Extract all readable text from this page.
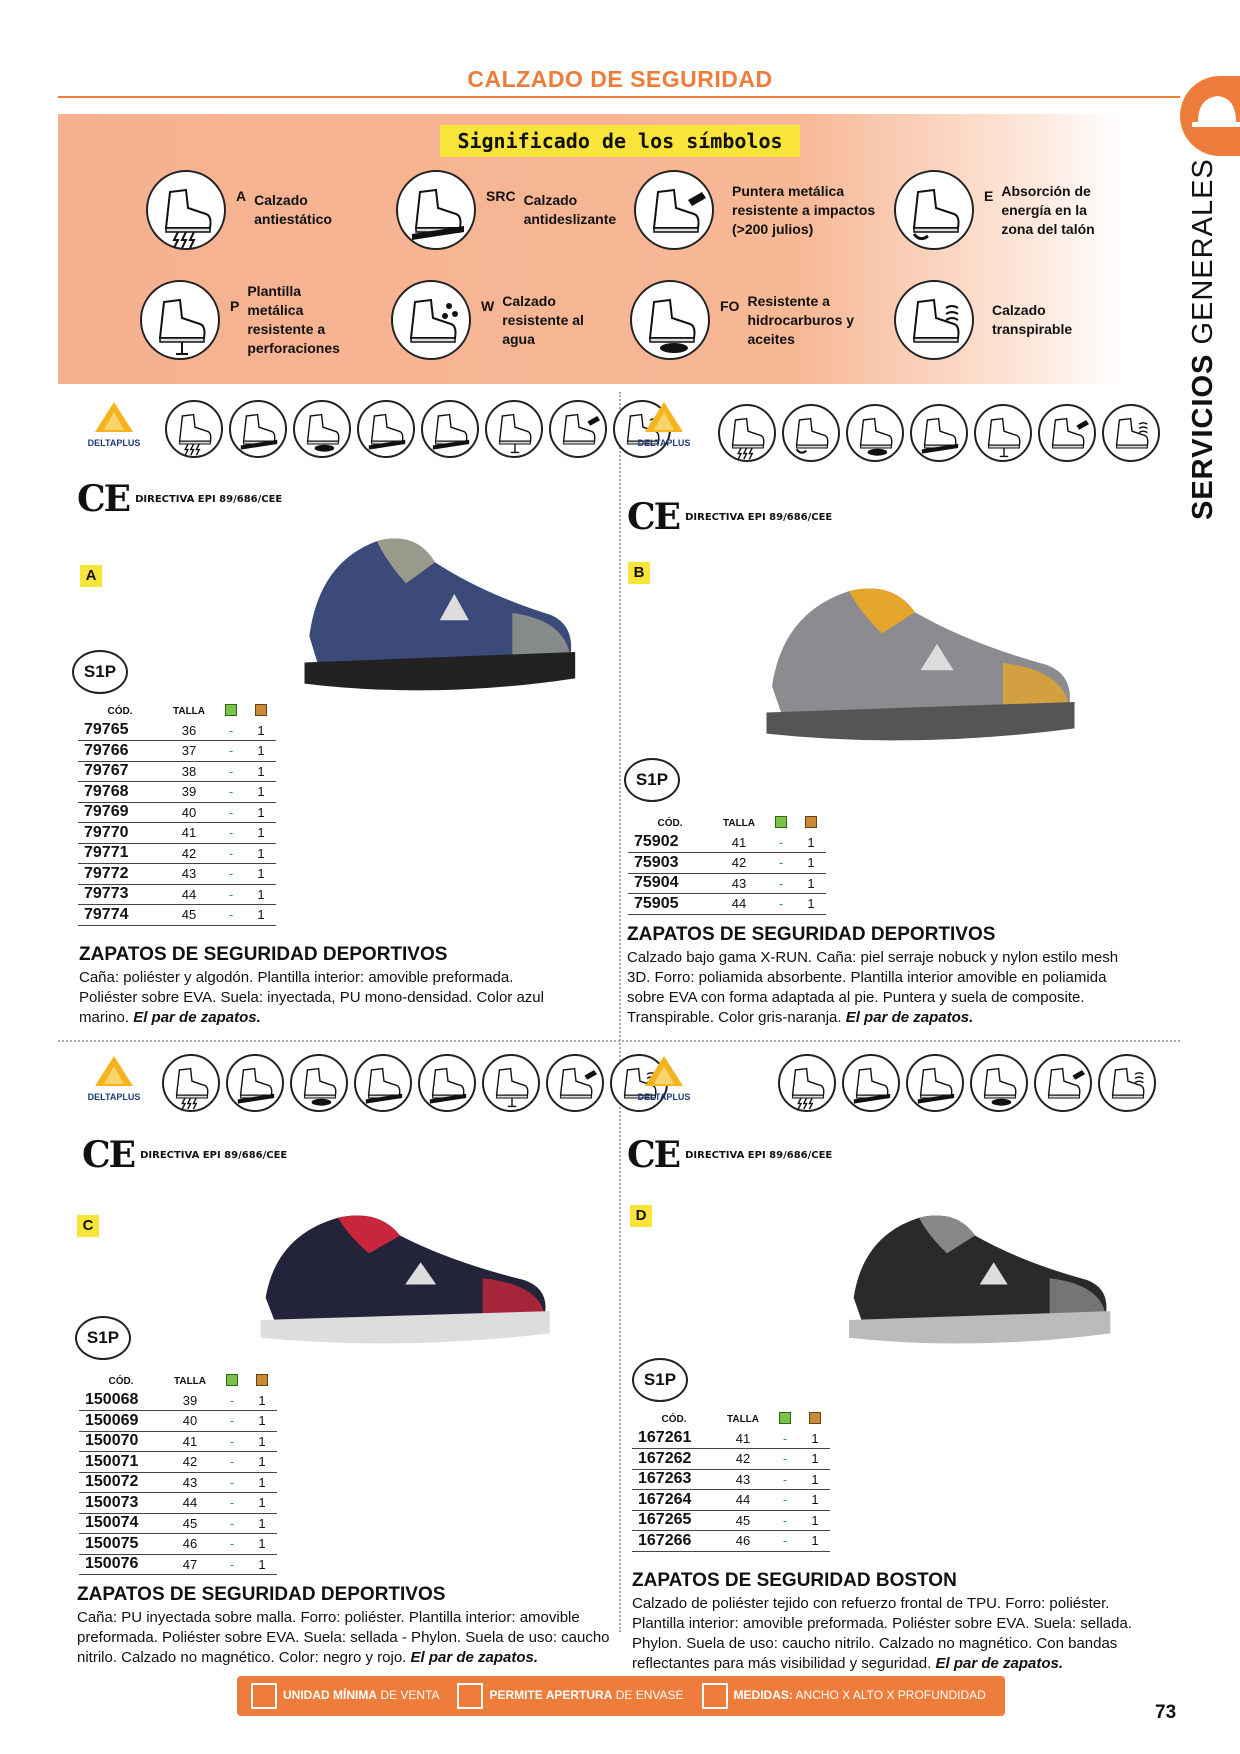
CALZADO DE SEGURIDAD
SERVICIOS GENERALES
Significado de los símbolos
A Calzado
antiestático
SRC Calzado
antideslizante
Puntera metálica
resistente a impactos
(>200 julios)
E Absorción de
energía en la
zona del talón
P
Plantilla
metálica
resistente a
perforaciones
W Calzado
resistente al
agua
FO Resistente a
hidrocarburos y
aceites
Calzado
transpirable
DELTAPLUS
CE DIRECTIVA EPI 89/686/CEE
A
S1P
CÓD.	TALLA		
79765	36	-	1
79766	37	-	1
79767	38	-	1
79768	39	-	1
79769	40	-	1
79770	41	-	1
79771	42	-	1
79772	43	-	1
79773	44	-	1
79774	45	-	1
ZAPATOS DE SEGURIDAD DEPORTIVOS
Caña: poliéster y algodón. Plantilla interior: amovible preformada. Poliéster sobre EVA. Suela: inyectada, PU mono-densidad. Color azul marino. El par de zapatos.
DELTAPLUS
CE DIRECTIVA EPI 89/686/CEE
B
S1P
CÓD.	TALLA		
75902	41	-	1
75903	42	-	1
75904	43	-	1
75905	44	-	1
ZAPATOS DE SEGURIDAD DEPORTIVOS
Calzado bajo gama X-RUN. Caña: piel serraje nobuck y nylon estilo mesh 3D. Forro: poliamida absorbente. Plantilla interior amovible en poliamida sobre EVA con forma adaptada al pie. Puntera y suela de composite. Transpirable. Color gris-naranja. El par de zapatos.
DELTAPLUS
CE DIRECTIVA EPI 89/686/CEE
C
S1P
CÓD.	TALLA		
150068	39	-	1
150069	40	-	1
150070	41	-	1
150071	42	-	1
150072	43	-	1
150073	44	-	1
150074	45	-	1
150075	46	-	1
150076	47	-	1
ZAPATOS DE SEGURIDAD DEPORTIVOS
Caña: PU inyectada sobre malla. Forro: poliéster. Plantilla interior: amovible preformada. Poliéster sobre EVA. Suela: sellada - Phylon. Suela de uso: caucho nitrilo. Calzado no magnético. Color: negro y rojo. El par de zapatos.
DELTAPLUS
CE DIRECTIVA EPI 89/686/CEE
D
S1P
CÓD.	TALLA		
167261	41	-	1
167262	42	-	1
167263	43	-	1
167264	44	-	1
167265	45	-	1
167266	46	-	1
ZAPATOS DE SEGURIDAD BOSTON
Calzado de poliéster tejido con refuerzo frontal de TPU. Forro: poliéster. Plantilla interior: amovible preformada. Poliéster sobre EVA. Suela: sellada. Phylon. Suela de uso: caucho nitrilo. Calzado no magnético. Con bandas reflectantes para más visibilidad y seguridad. El par de zapatos.
UNIDAD MÍNIMA DE VENTA	PERMITE APERTURA DE ENVASE	MEDIDAS: ANCHO X ALTO X PROFUNDIDAD
73
